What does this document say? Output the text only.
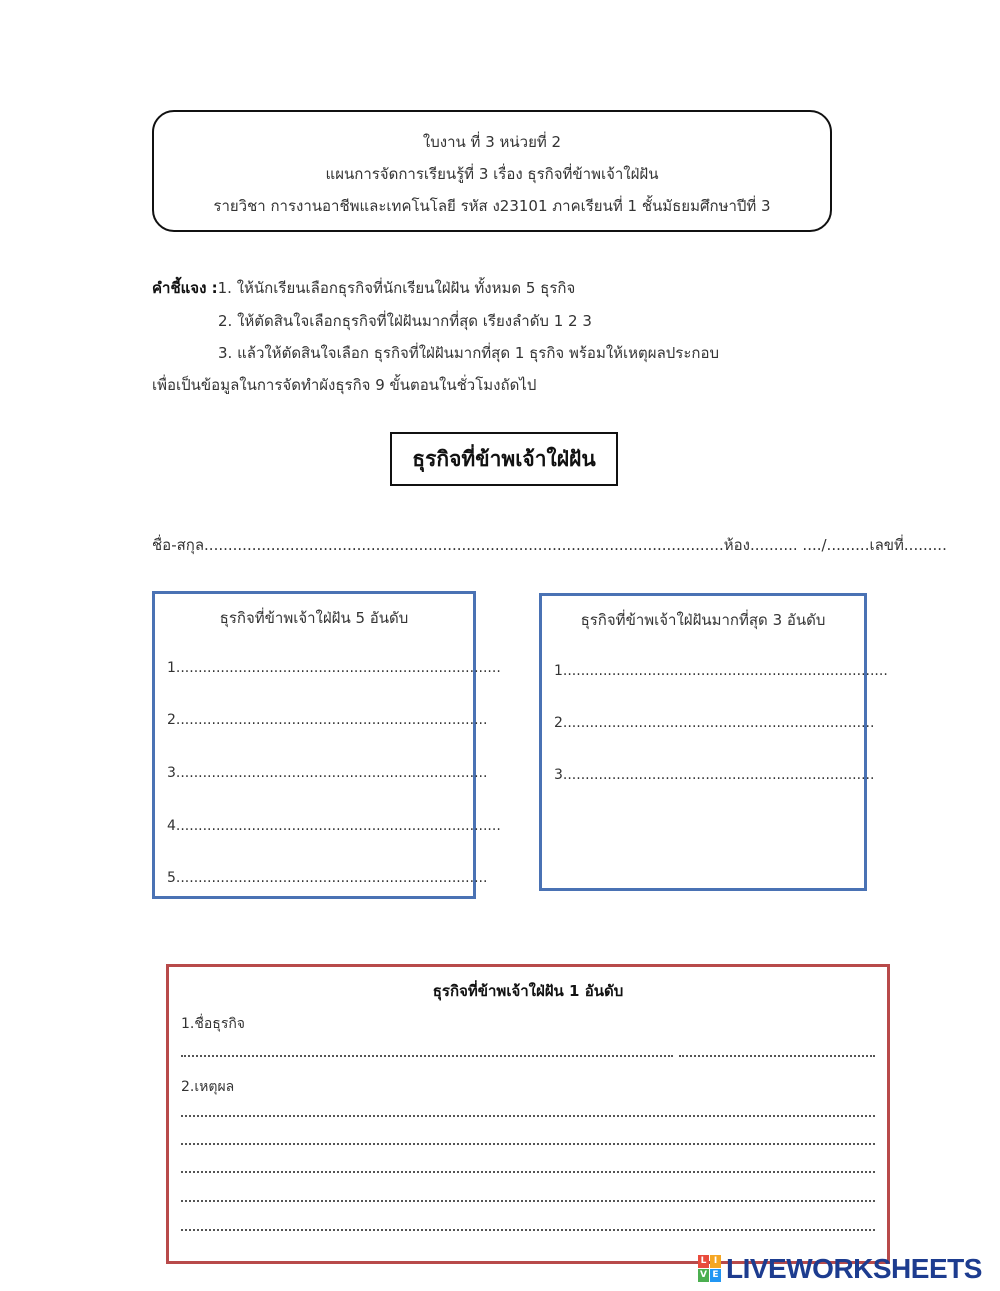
ใบงาน ที่ 3 หน่วยที่ 2
แผนการจัดการเรียนรู้ที่ 3 เรื่อง ธุรกิจที่ข้าพเจ้าใฝ่ฝัน
รายวิชา การงานอาชีพและเทคโนโลยี รหัส ง23101 ภาคเรียนที่ 1 ชั้นมัธยมศึกษาปีที่ 3
คำชี้แจง :1. ให้นักเรียนเลือกธุรกิจที่นักเรียนใฝ่ฝัน ทั้งหมด 5 ธุรกิจ
2. ให้ตัดสินใจเลือกธุรกิจที่ใฝ่ฝันมากที่สุด เรียงลำดับ 1 2 3
3. แล้วให้ตัดสินใจเลือก ธุรกิจที่ใฝ่ฝันมากที่สุด 1 ธุรกิจ พร้อมให้เหตุผลประกอบ
เพื่อเป็นข้อมูลในการจัดทำผังธุรกิจ 9 ขั้นตอนในชั่วโมงถัดไป
ธุรกิจที่ข้าพเจ้าใฝ่ฝัน
ชื่อ-สกุล.............................................................................................................ห้อง.......... ..../.........เลขที่.........
ธุรกิจที่ข้าพเจ้าใฝ่ฝัน 5 อันดับ
1.........................................................................
2......................................................................
3......................................................................
4.........................................................................
5......................................................................
ธุรกิจที่ข้าพเจ้าใฝ่ฝันมากที่สุด 3 อันดับ
1.........................................................................
2......................................................................
3......................................................................
ธุรกิจที่ข้าพเจ้าใฝ่ฝัน 1 อันดับ
1.ชื่อธุรกิจ
2.เหตุผล
L I
V E LIVEWORKSHEETS
